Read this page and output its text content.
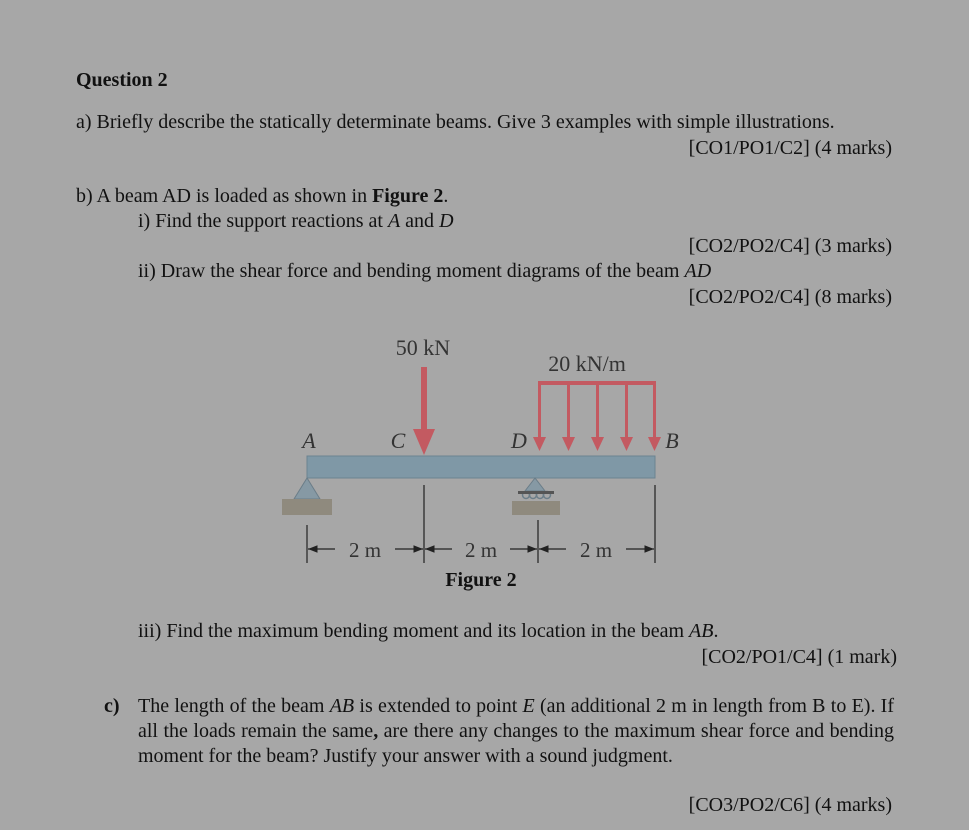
Question 2
a) Briefly describe the statically determinate beams. Give 3 examples with simple illustrations.
[CO1/PO1/C2] (4 marks)
b) A beam AD is loaded as shown in Figure 2.
i) Find the support reactions at A and D
[CO2/PO2/C4] (3 marks)
ii) Draw the shear force and bending moment diagrams of the beam AD
[CO2/PO2/C4] (8 marks)
50 kN
20 kN/m
A	C	D	B
2 m	2 m	2 m
Figure 2
iii) Find the maximum bending moment and its location in the beam AB.
[CO2/PO1/C4] (1 mark)
c) The length of the beam AB is extended to point E (an additional 2 m in length from B to E). If all the loads remain the same, are there any changes to the maximum shear force and bending moment for the beam? Justify your answer with a sound judgment.
[CO3/PO2/C6] (4 marks)
